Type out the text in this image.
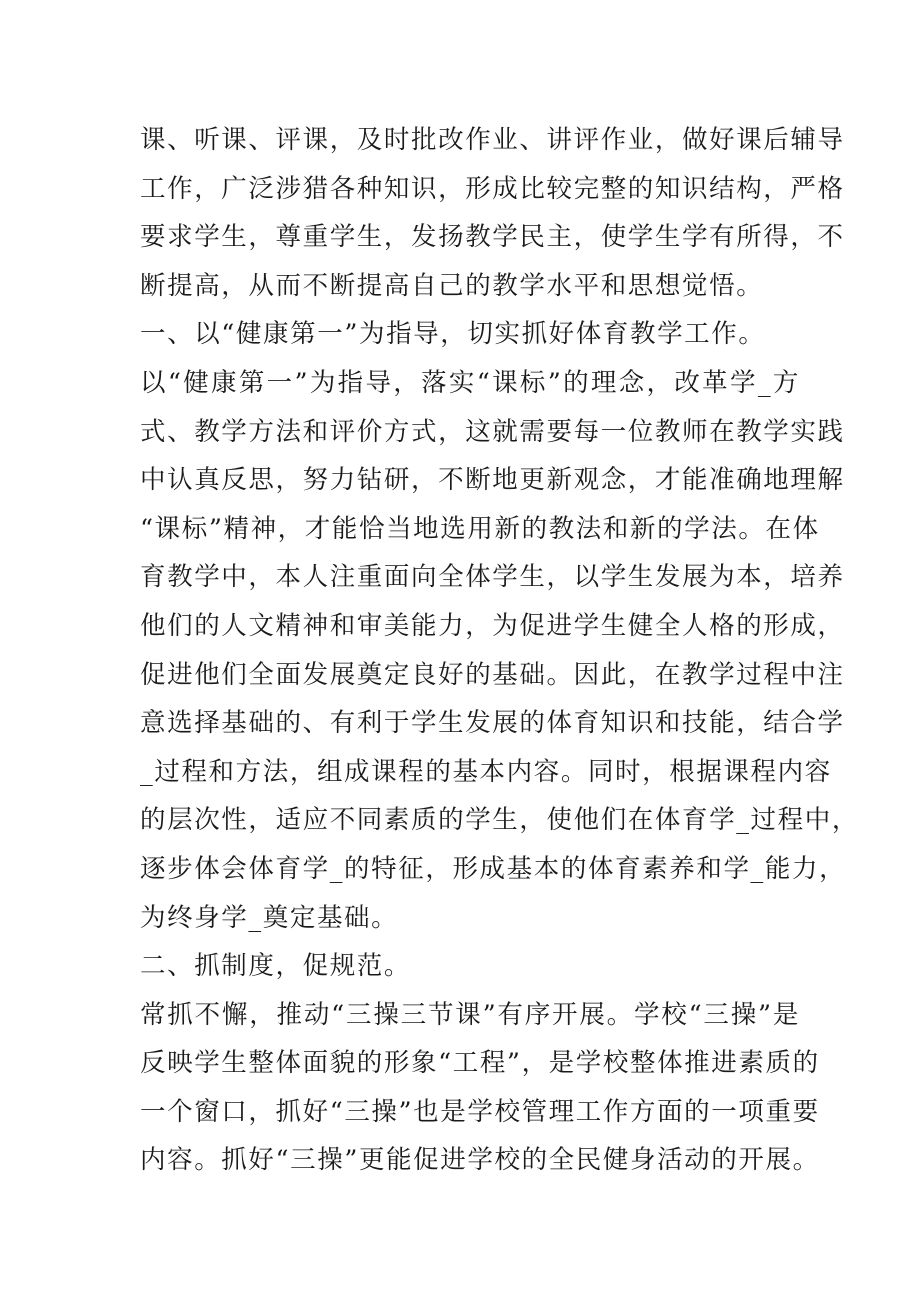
课、听课、评课，及时批改作业、讲评作业，做好课后辅导
工作，广泛涉猎各种知识，形成比较完整的知识结构，严格
要求学生，尊重学生，发扬教学民主，使学生学有所得，不
断提高，从而不断提高自己的教学水平和思想觉悟。
一、以“健康第一”为指导，切实抓好体育教学工作。
以“健康第一”为指导，落实“课标”的理念，改革学_方
式、教学方法和评价方式，这就需要每一位教师在教学实践
中认真反思，努力钻研，不断地更新观念，才能准确地理解
“课标”精神，才能恰当地选用新的教法和新的学法。在体
育教学中，本人注重面向全体学生，以学生发展为本，培养
他们的人文精神和审美能力，为促进学生健全人格的形成，
促进他们全面发展奠定良好的基础。因此，在教学过程中注
意选择基础的、有利于学生发展的体育知识和技能，结合学
_过程和方法，组成课程的基本内容。同时，根据课程内容
的层次性，适应不同素质的学生，使他们在体育学_过程中，
逐步体会体育学_的特征，形成基本的体育素养和学_能力，
为终身学_奠定基础。
二、抓制度，促规范。
常抓不懈，推动“三操三节课”有序开展。学校“三操”是
反映学生整体面貌的形象“工程”，是学校整体推进素质的
一个窗口，抓好“三操”也是学校管理工作方面的一项重要
内容。抓好“三操”更能促进学校的全民健身活动的开展。
